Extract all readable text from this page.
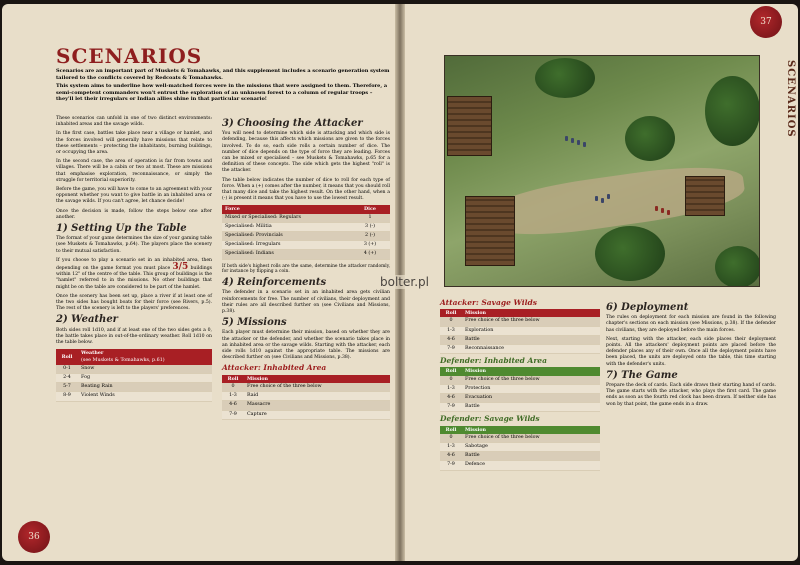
36
37
SCENARIOS
SCENARIOS

Scenarios are an important part of Muskets & Tomahawks, and this supplement includes a scenario generation system tailored to the conflicts covered by Redcoats & Tomahawks.

This system aims to underline how well-matched forces were in the missions that were assigned to them. Therefore, a semi-competent commanders won't entrust the exploration of an unknown forest to a column of regular troops – they'll let their irregulars or Indian allies shine in that particular scenario!

These scenarios can unfold in one of two distinct environments: inhabited areas and the savage wilds.

In the first case, battles take place near a village or hamlet, and the forces involved will generally have missions that relate to these settlements – protecting the inhabitants, burning buildings, or occupying the area.

In the second case, the area of operation is far from towns and villages. There will be a cabin or two at most. These are missions that emphasise exploration, reconnaissance, or simply the struggle for territorial superiority.

Before the game, you will have to come to an agreement with your opponent whether you want to give battle in an inhabited area or the savage wilds. If you can't agree, let chance decide!

Once the decision is made, follow the steps below one after another.

1) Setting Up the Table

The format of your game determines the size of your gaming table (see Muskets & Tomahawks, p.64). The players place the scenery to their mutual satisfaction.

If you choose to play a scenario set in an inhabited area, then depending on the game format you must place 3/5 buildings within 12" of the centre of the table. This group of buildings is the "hamlet" referred to in the missions. No other buildings that might be on the table are considered to be part of the hamlet.

Once the scenery has been set up, place a river if at least one of the two sides has bought boats for their force (see Rivers, p.5). The rest of the scenery is left to the players' preferences.

2) Weather

Both sides roll 1d10, and if at least one of the two sides gets a 0, the battle takes place in out-of-the-ordinary weather. Roll 1d10 on the table below.

Roll	Weather
(see Muskets & Tomahawks, p.61)
0-1	Snow
2-4	Fog
5-7	Beating Rain
8-9	Violent Winds
3) Choosing the Attacker

You will need to determine which side is attacking and which side is defending, because this affects which missions are given to the forces involved. To do so, each side rolls a certain number of dice. The number of dice depends on the type of force they are leading. Forces can be mixed or specialised – see Muskets & Tomahawks, p.65 for a definition of these concepts. The side which gets the highest "roll" is the attacker.

The table below indicates the number of dice to roll for each type of force. When a (+) comes after the number, it means that you should roll that many dice and take the highest result. On the other hand, when a (-) is present it means that you have to use the lowest result.

Force	Dice
Mixed or Specialised: Regulars	1
Specialised: Militia	3 (-)
Specialised: Provincials	2 (-)
Specialised: Irregulars	3 (+)
Specialised: Indians	4 (+)

If both side's highest rolls are the same, determine the attacker randomly, for instance by flipping a coin.

4) Reinforcements

The defender in a scenario set in an inhabited area gets civilian reinforcements for free. The number of civilians, their deployment and their rules are all described further on (see Civilians and Missions, p.38).

5) Missions

Each player must determine their mission, based on whether they are the attacker or the defender, and whether the scenario takes place in an inhabited area or the savage wilds. Starting with the attacker, each side rolls 1d10 against the appropriate table. The missions are described further on (see Civilians and Missions, p.38).

Attacker: Inhabited Area
Roll	Mission
0	Free choice of the three below
1-3	Raid
4-6	Massacre
7-9	Capture
bolter.pl
Attacker: Savage Wilds
Roll	Mission
0	Free choice of the three below
1-3	Exploration
4-6	Battle
7-9	Reconnaissance
Defender: Inhabited Area
Roll	Mission
0	Free choice of the three below
1-3	Protection
4-6	Evacuation
7-9	Battle
Defender: Savage Wilds
Roll	Mission
0	Free choice of the three below
1-3	Sabotage
4-6	Battle
7-9	Defence
6) Deployment

The rules on deployment for each mission are found in the following chapter's sections on each mission (see Missions, p.38). If the defender has civilians, they are deployed before the main forces.

Next, starting with the attacker, each side places their deployment points. All the attackers' deployment points are placed before the defender places any of their own. Once all the deployment points have been placed, the units are deployed onto the table, this time starting with the defender's units.

7) The Game

Prepare the deck of cards. Each side draws their starting hand of cards. The game starts with the attacker, who plays the first card. The game ends as soon as the fourth red clock has been drawn. If neither side has won by that point, the game ends in a draw.
